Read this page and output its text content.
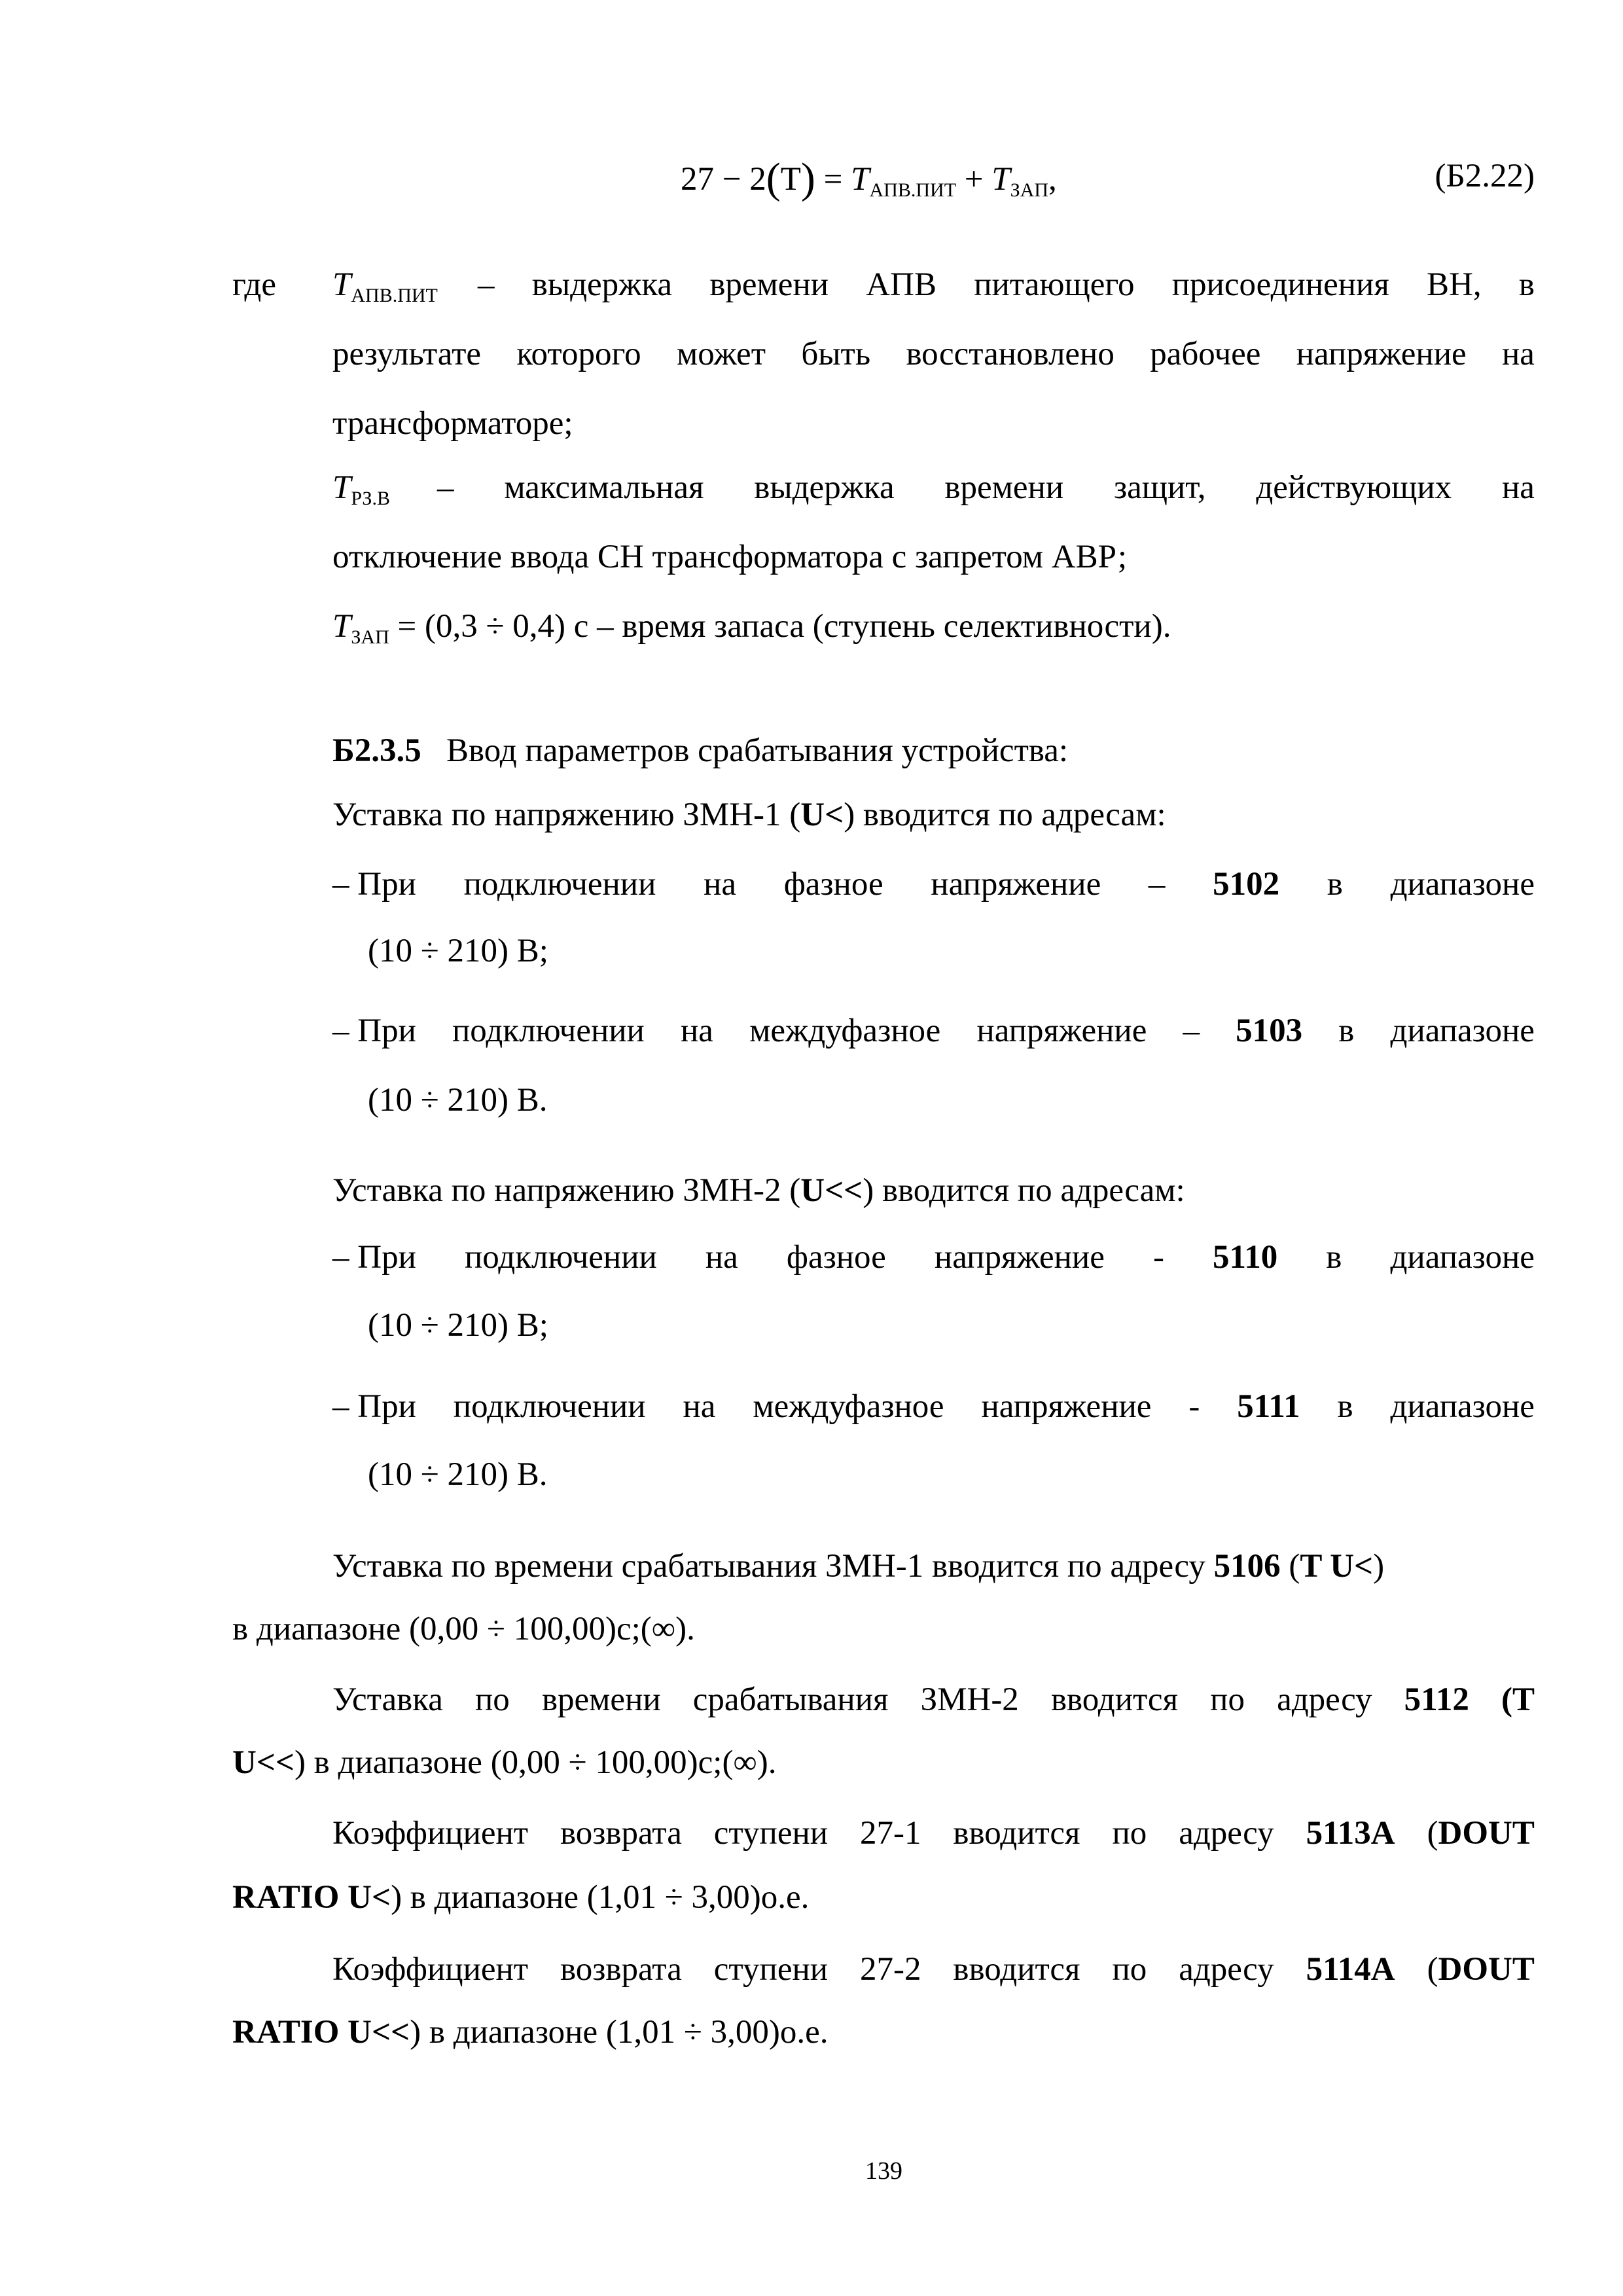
$27 - 2(Т) = T_{АПВ.ПИТ} + T_{ЗАП}$,	(Б2.22)
где $T_{АПВ.ПИТ}$ – выдержка времени АПВ питающего присоединения ВН, в
результате которого может быть восстановлено рабочее напряжение на
трансформаторе;
$T_{РЗ.В}$ – максимальная выдержка времени защит, действующих на
отключение ввода СН трансформатора с запретом АВР;
$T_{ЗАП} = (0,3 \div 0,4)$ с – время запаса (ступень селективности).
Б2.3.5 Ввод параметров срабатывания устройства:
Уставка по напряжению ЗМН-1 (U<) вводится по адресам:
– При подключении на фазное напряжение – 5102 в диапазоне
(10 ÷ 210) В;
– При подключении на междуфазное напряжение – 5103 в диапазоне
(10 ÷ 210) В.
Уставка по напряжению ЗМН-2 (U<<) вводится по адресам:
– При подключении на фазное напряжение - 5110 в диапазоне
(10 ÷ 210) В;
– При подключении на междуфазное напряжение - 5111 в диапазоне
(10 ÷ 210) В.
Уставка по времени срабатывания ЗМН-1 вводится по адресу 5106 (T U<)
в диапазоне (0,00 ÷ 100,00)с;(∞).
Уставка по времени срабатывания ЗМН-2 вводится по адресу 5112 (T
U<<) в диапазоне (0,00 ÷ 100,00)с;(∞).
Коэффициент возврата ступени 27-1 вводится по адресу 5113А (DOUT
RATIO U<) в диапазоне (1,01 ÷ 3,00)о.е.
Коэффициент возврата ступени 27-2 вводится по адресу 5114А (DOUT
RATIO U<<) в диапазоне (1,01 ÷ 3,00)о.е.
139
